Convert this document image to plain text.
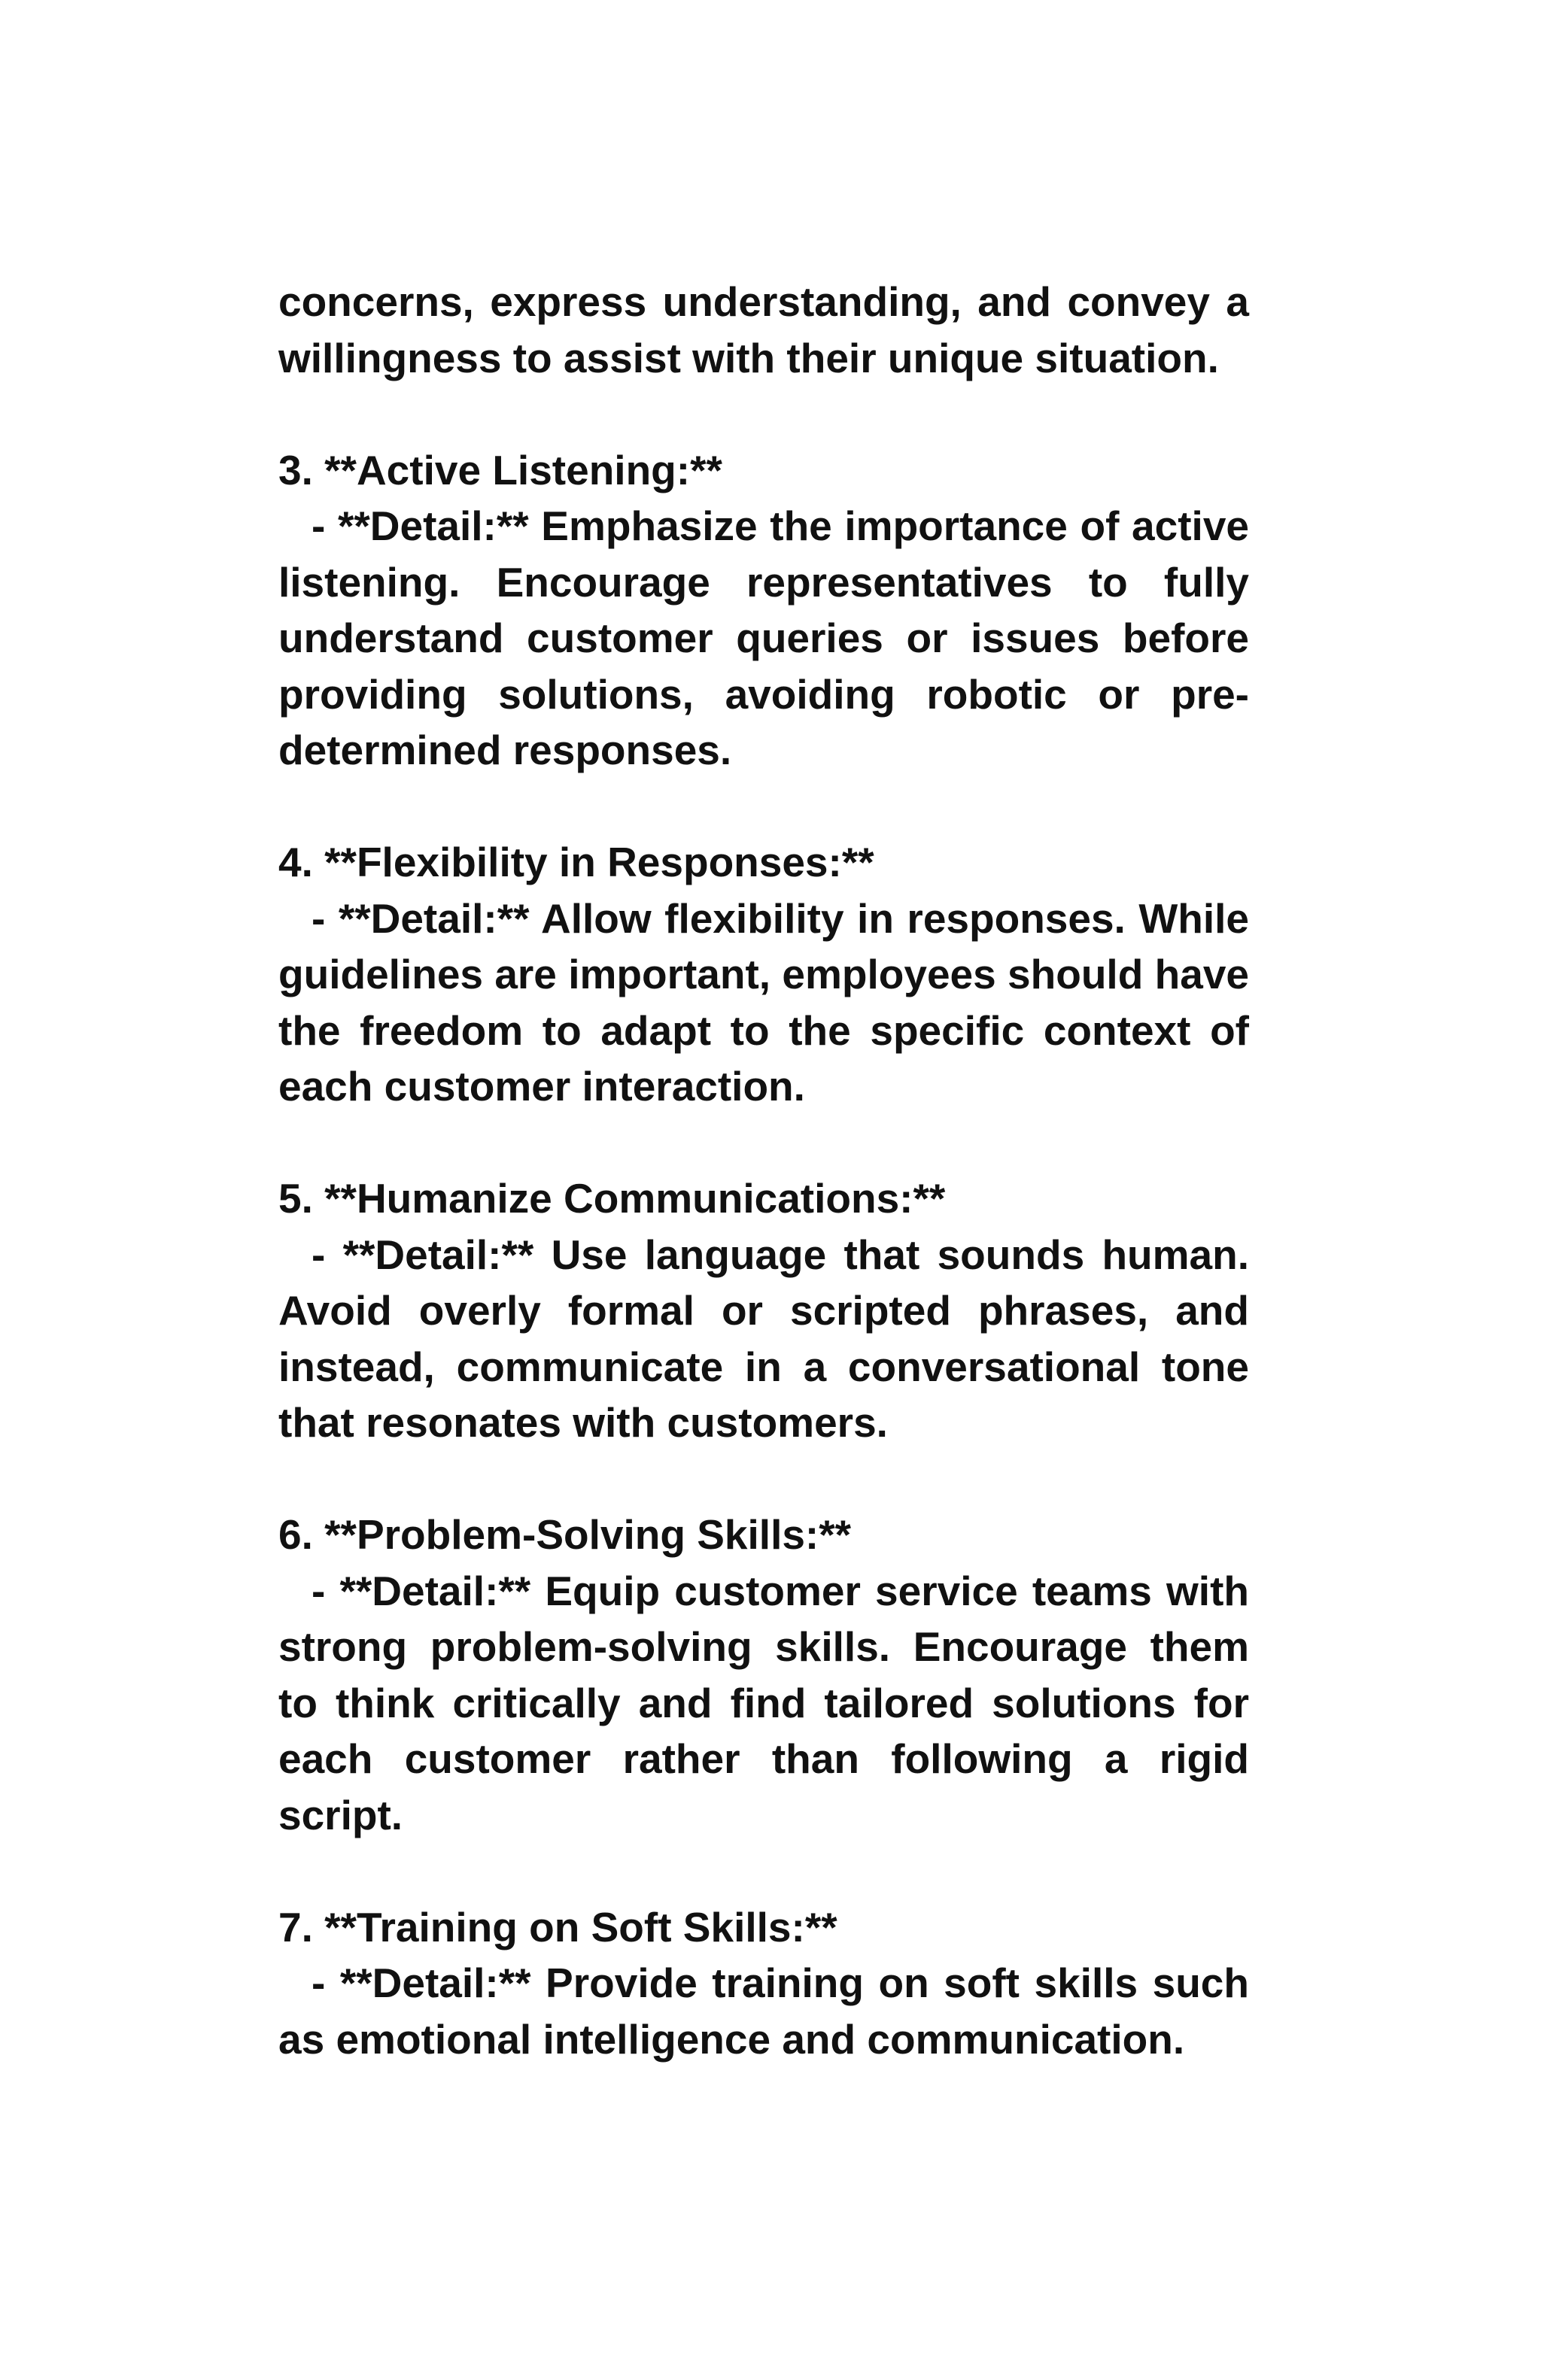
concerns, express understanding, and convey a willingness to assist with their unique situation.

3. **Active Listening:**

- **Detail:** Emphasize the importance of active listening. Encourage representatives to fully understand customer queries or issues before providing solutions, avoiding robotic or pre-determined responses.

4. **Flexibility in Responses:**

- **Detail:** Allow flexibility in responses. While guidelines are important, employees should have the freedom to adapt to the specific context of each customer interaction.

5. **Humanize Communications:**

- **Detail:** Use language that sounds human. Avoid overly formal or scripted phrases, and instead, communicate in a conversational tone that resonates with customers.

6. **Problem-Solving Skills:**

- **Detail:** Equip customer service teams with strong problem-solving skills. Encourage them to think critically and find tailored solutions for each customer rather than following a rigid script.

7. **Training on Soft Skills:**

- **Detail:** Provide training on soft skills such as emotional intelligence and communication.
